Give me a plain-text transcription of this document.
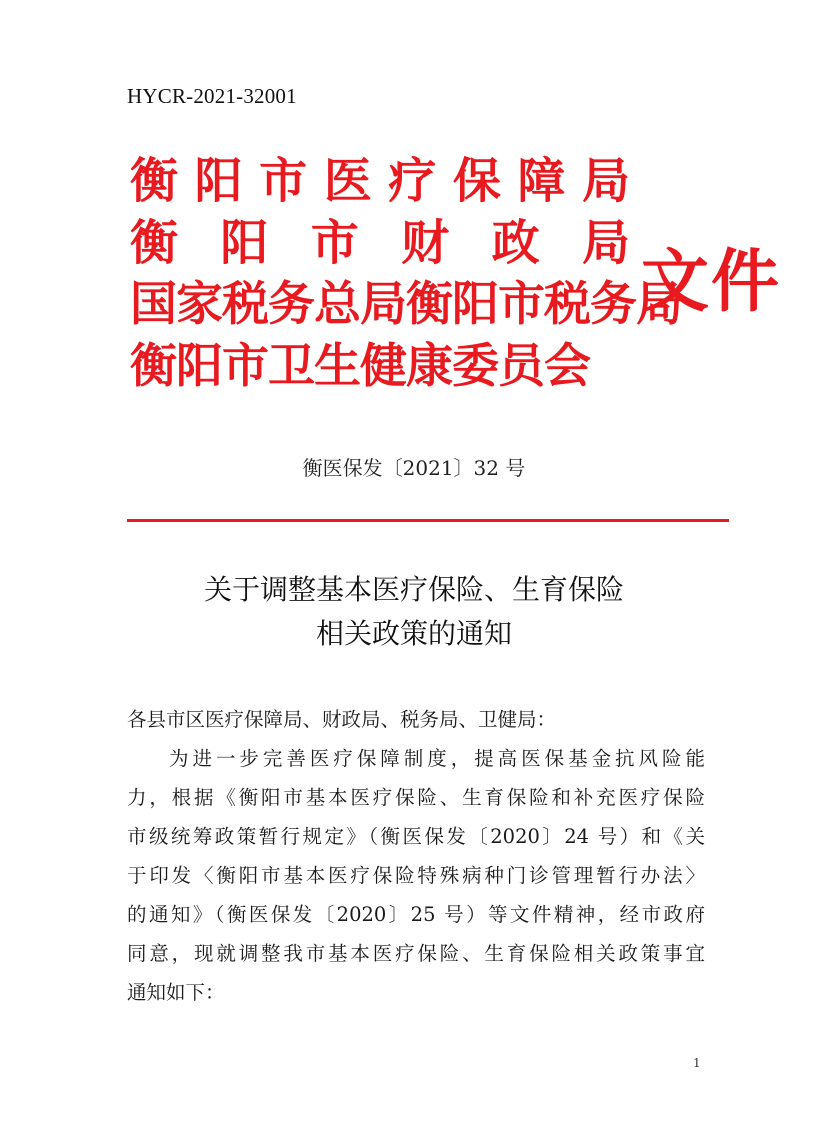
HYCR-2021-32001
衡 阳 市 医 疗 保 障 局
衡 阳 市 财 政 局
国家税务总局衡阳市税务局
衡阳市卫生健康委员会
文件
衡医保发〔2021〕32 号
关于调整基本医疗保险、生育保险
相关政策的通知
各县市区医疗保障局、财政局、税务局、卫健局：
为进一步完善医疗保障制度，提高医保基金抗风险能
力，根据《衡阳市基本医疗保险、生育保险和补充医疗保险
市级统筹政策暂行规定》（衡医保发〔2020〕24 号）和《关
于印发〈衡阳市基本医疗保险特殊病种门诊管理暂行办法〉
的通知》（衡医保发〔2020〕25 号）等文件精神，经市政府
同意，现就调整我市基本医疗保险、生育保险相关政策事宜
通知如下：
1
